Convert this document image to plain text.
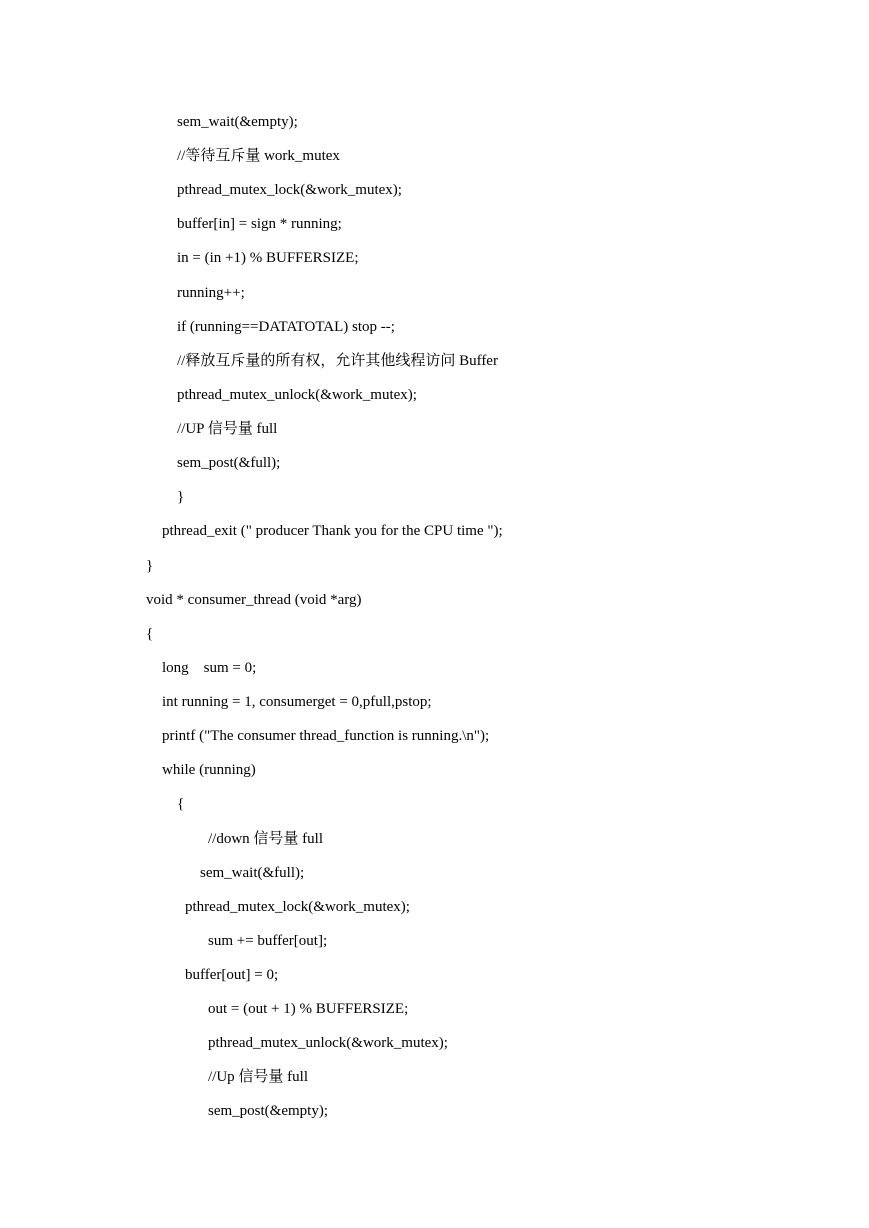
sem_wait(&empty);
//等待互斥量 work_mutex
pthread_mutex_lock(&work_mutex);
buffer[in] = sign * running;
in = (in +1) % BUFFERSIZE;
running++;
if (running==DATATOTAL) stop --;
//释放互斥量的所有权，允许其他线程访问 Buffer
pthread_mutex_unlock(&work_mutex);
//UP 信号量 full
sem_post(&full);
}
pthread_exit (" producer Thank you for the CPU time ");
}
void * consumer_thread (void *arg)
{
long    sum = 0;
int running = 1, consumerget = 0,pfull,pstop;
printf ("The consumer thread_function is running.\n");
while (running)
{
//down 信号量 full
sem_wait(&full);
pthread_mutex_lock(&work_mutex);
sum += buffer[out];
buffer[out] = 0;
out = (out + 1) % BUFFERSIZE;
pthread_mutex_unlock(&work_mutex);
//Up 信号量 full
sem_post(&empty);
